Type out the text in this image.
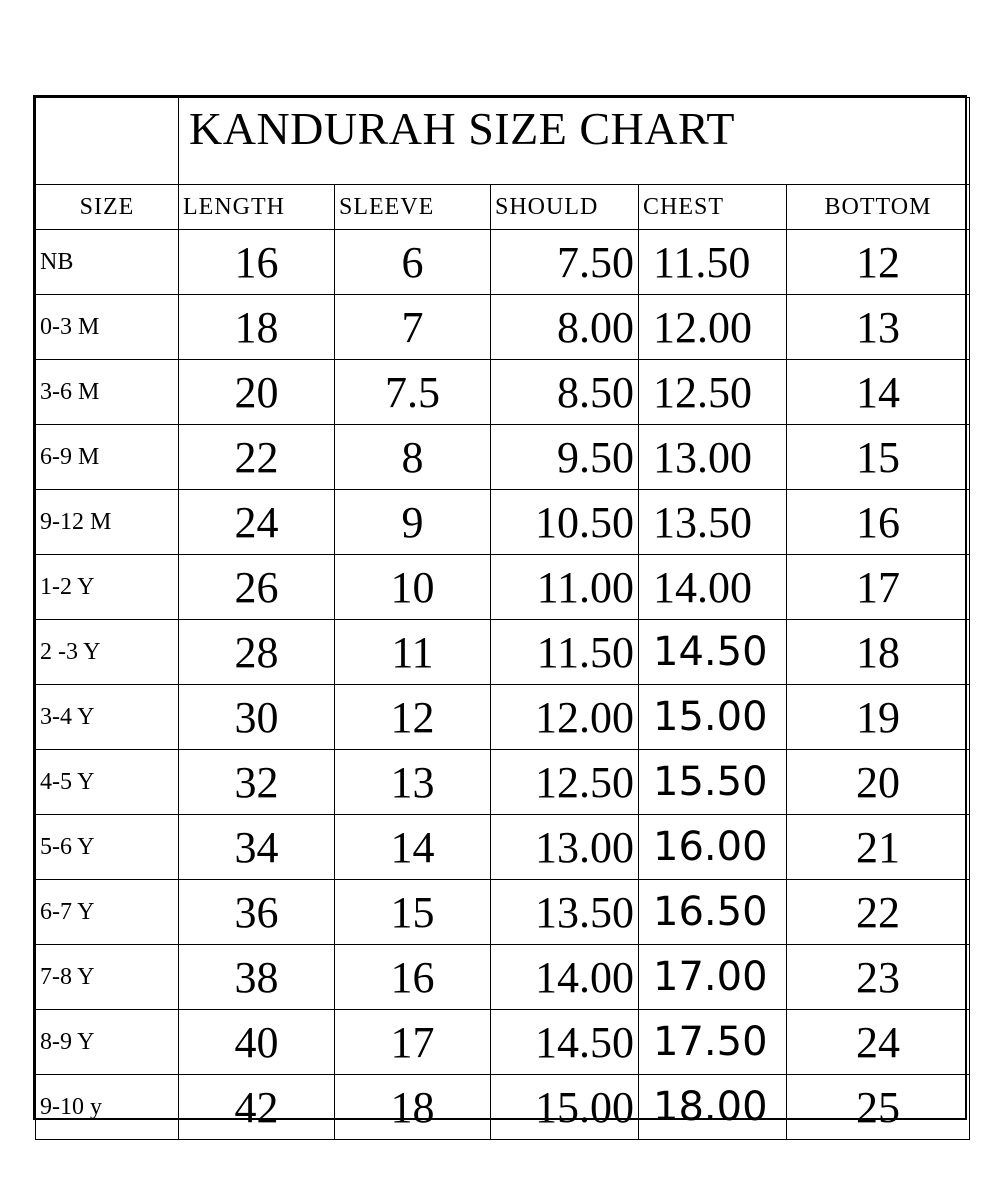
	KANDURAH SIZE CHART				
SIZE	LENGTH	SLEEVE	SHOULD	CHEST	BOTTOM
NB	16	6	7.50	11.50	12
0-3 M	18	7	8.00	12.00	13
3-6 M	20	7.5	8.50	12.50	14
6-9 M	22	8	9.50	13.00	15
9-12 M	24	9	10.50	13.50	16
1-2 Y	26	10	11.00	14.00	17
2 -3 Y	28	11	11.50	14.50	18
3-4 Y	30	12	12.00	15.00	19
4-5 Y	32	13	12.50	15.50	20
5-6 Y	34	14	13.00	16.00	21
6-7 Y	36	15	13.50	16.50	22
7-8 Y	38	16	14.00	17.00	23
8-9 Y	40	17	14.50	17.50	24
9-10 y	42	18	15.00	18.00	25
